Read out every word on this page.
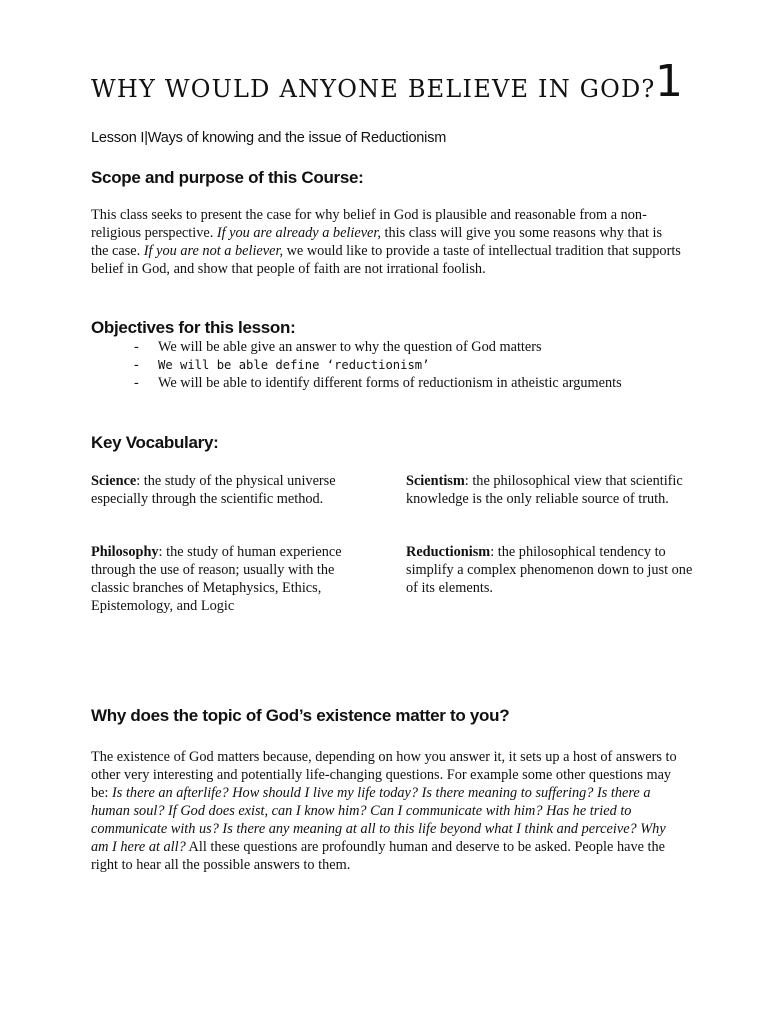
WHY WOULD ANYONE BELIEVE IN GOD? 1
Lesson I|Ways of knowing and the issue of Reductionism
Scope and purpose of this Course:

This class seeks to present the case for why belief in God is plausible and reasonable from a non-religious perspective. If you are already a believer, this class will give you some reasons why that is the case. If you are not a believer, we would like to provide a taste of intellectual tradition that supports belief in God, and show that people of faith are not irrational foolish.

Objectives for this lesson:
- We will be able give an answer to why the question of God matters
- We will be able define ‘reductionism’
- We will be able to identify different forms of reductionism in atheistic arguments
Key Vocabulary:
Science: the study of the physical universe especially through the scientific method.
Scientism: the philosophical view that scientific knowledge is the only reliable source of truth.
Philosophy: the study of human experience through the use of reason; usually with the classic branches of Metaphysics, Ethics, Epistemology, and Logic
Reductionism: the philosophical tendency to simplify a complex phenomenon down to just one of its elements.
Why does the topic of God’s existence matter to you?

The existence of God matters because, depending on how you answer it, it sets up a host of answers to other very interesting and potentially life-changing questions. For example some other questions may be: Is there an afterlife? How should I live my life today? Is there meaning to suffering? Is there a human soul? If God does exist, can I know him? Can I communicate with him? Has he tried to communicate with us? Is there any meaning at all to this life beyond what I think and perceive? Why am I here at all? All these questions are profoundly human and deserve to be asked. People have the right to hear all the possible answers to them.
